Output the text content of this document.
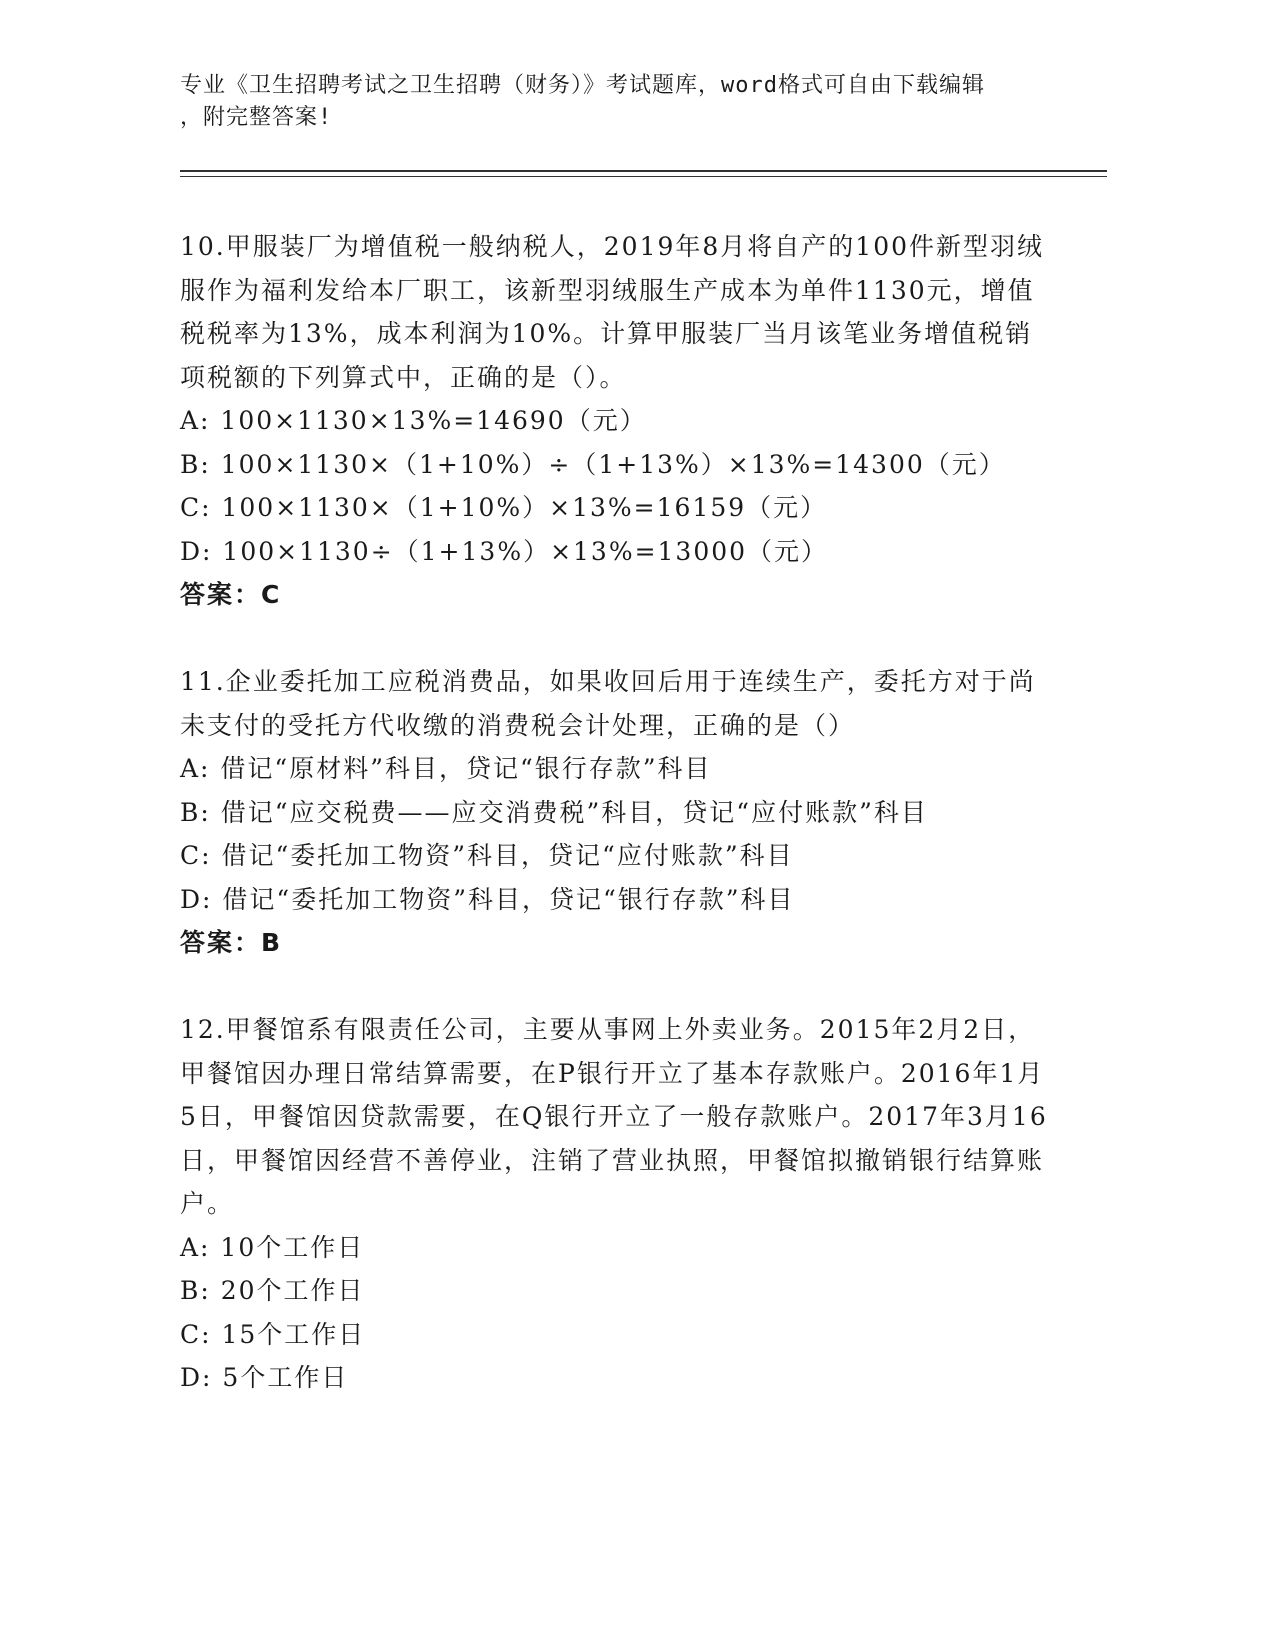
专业《卫生招聘考试之卫生招聘（财务）》考试题库，word格式可自由下载编辑
，附完整答案!

10.甲服装厂为增值税一般纳税人，2019年8月将自产的100件新型羽绒服作为福利发给本厂职工，该新型羽绒服生产成本为单件1130元，增值税税率为13%，成本利润为10%。计算甲服装厂当月该笔业务增值税销项税额的下列算式中，正确的是（）。

A: 100×1130×13%=14690（元）

B: 100×1130×（1+10%）÷（1+13%）×13%=14300（元）

C: 100×1130×（1+10%）×13%=16159（元）

D: 100×1130÷（1+13%）×13%=13000（元）

答案：C

11.企业委托加工应税消费品，如果收回后用于连续生产，委托方对于尚未支付的受托方代收缴的消费税会计处理，正确的是（）

A: 借记“原材料”科目，贷记“银行存款”科目

B: 借记“应交税费——应交消费税”科目，贷记“应付账款”科目

C: 借记“委托加工物资”科目，贷记“应付账款”科目

D: 借记“委托加工物资”科目，贷记“银行存款”科目

答案：B

12.甲餐馆系有限责任公司，主要从事网上外卖业务。2015年2月2日，甲餐馆因办理日常结算需要，在P银行开立了基本存款账户。2016年1月5日，甲餐馆因贷款需要，在Q银行开立了一般存款账户。2017年3月16日，甲餐馆因经营不善停业，注销了营业执照，甲餐馆拟撤销银行结算账户。

A: 10个工作日

B: 20个工作日

C: 15个工作日

D: 5个工作日
